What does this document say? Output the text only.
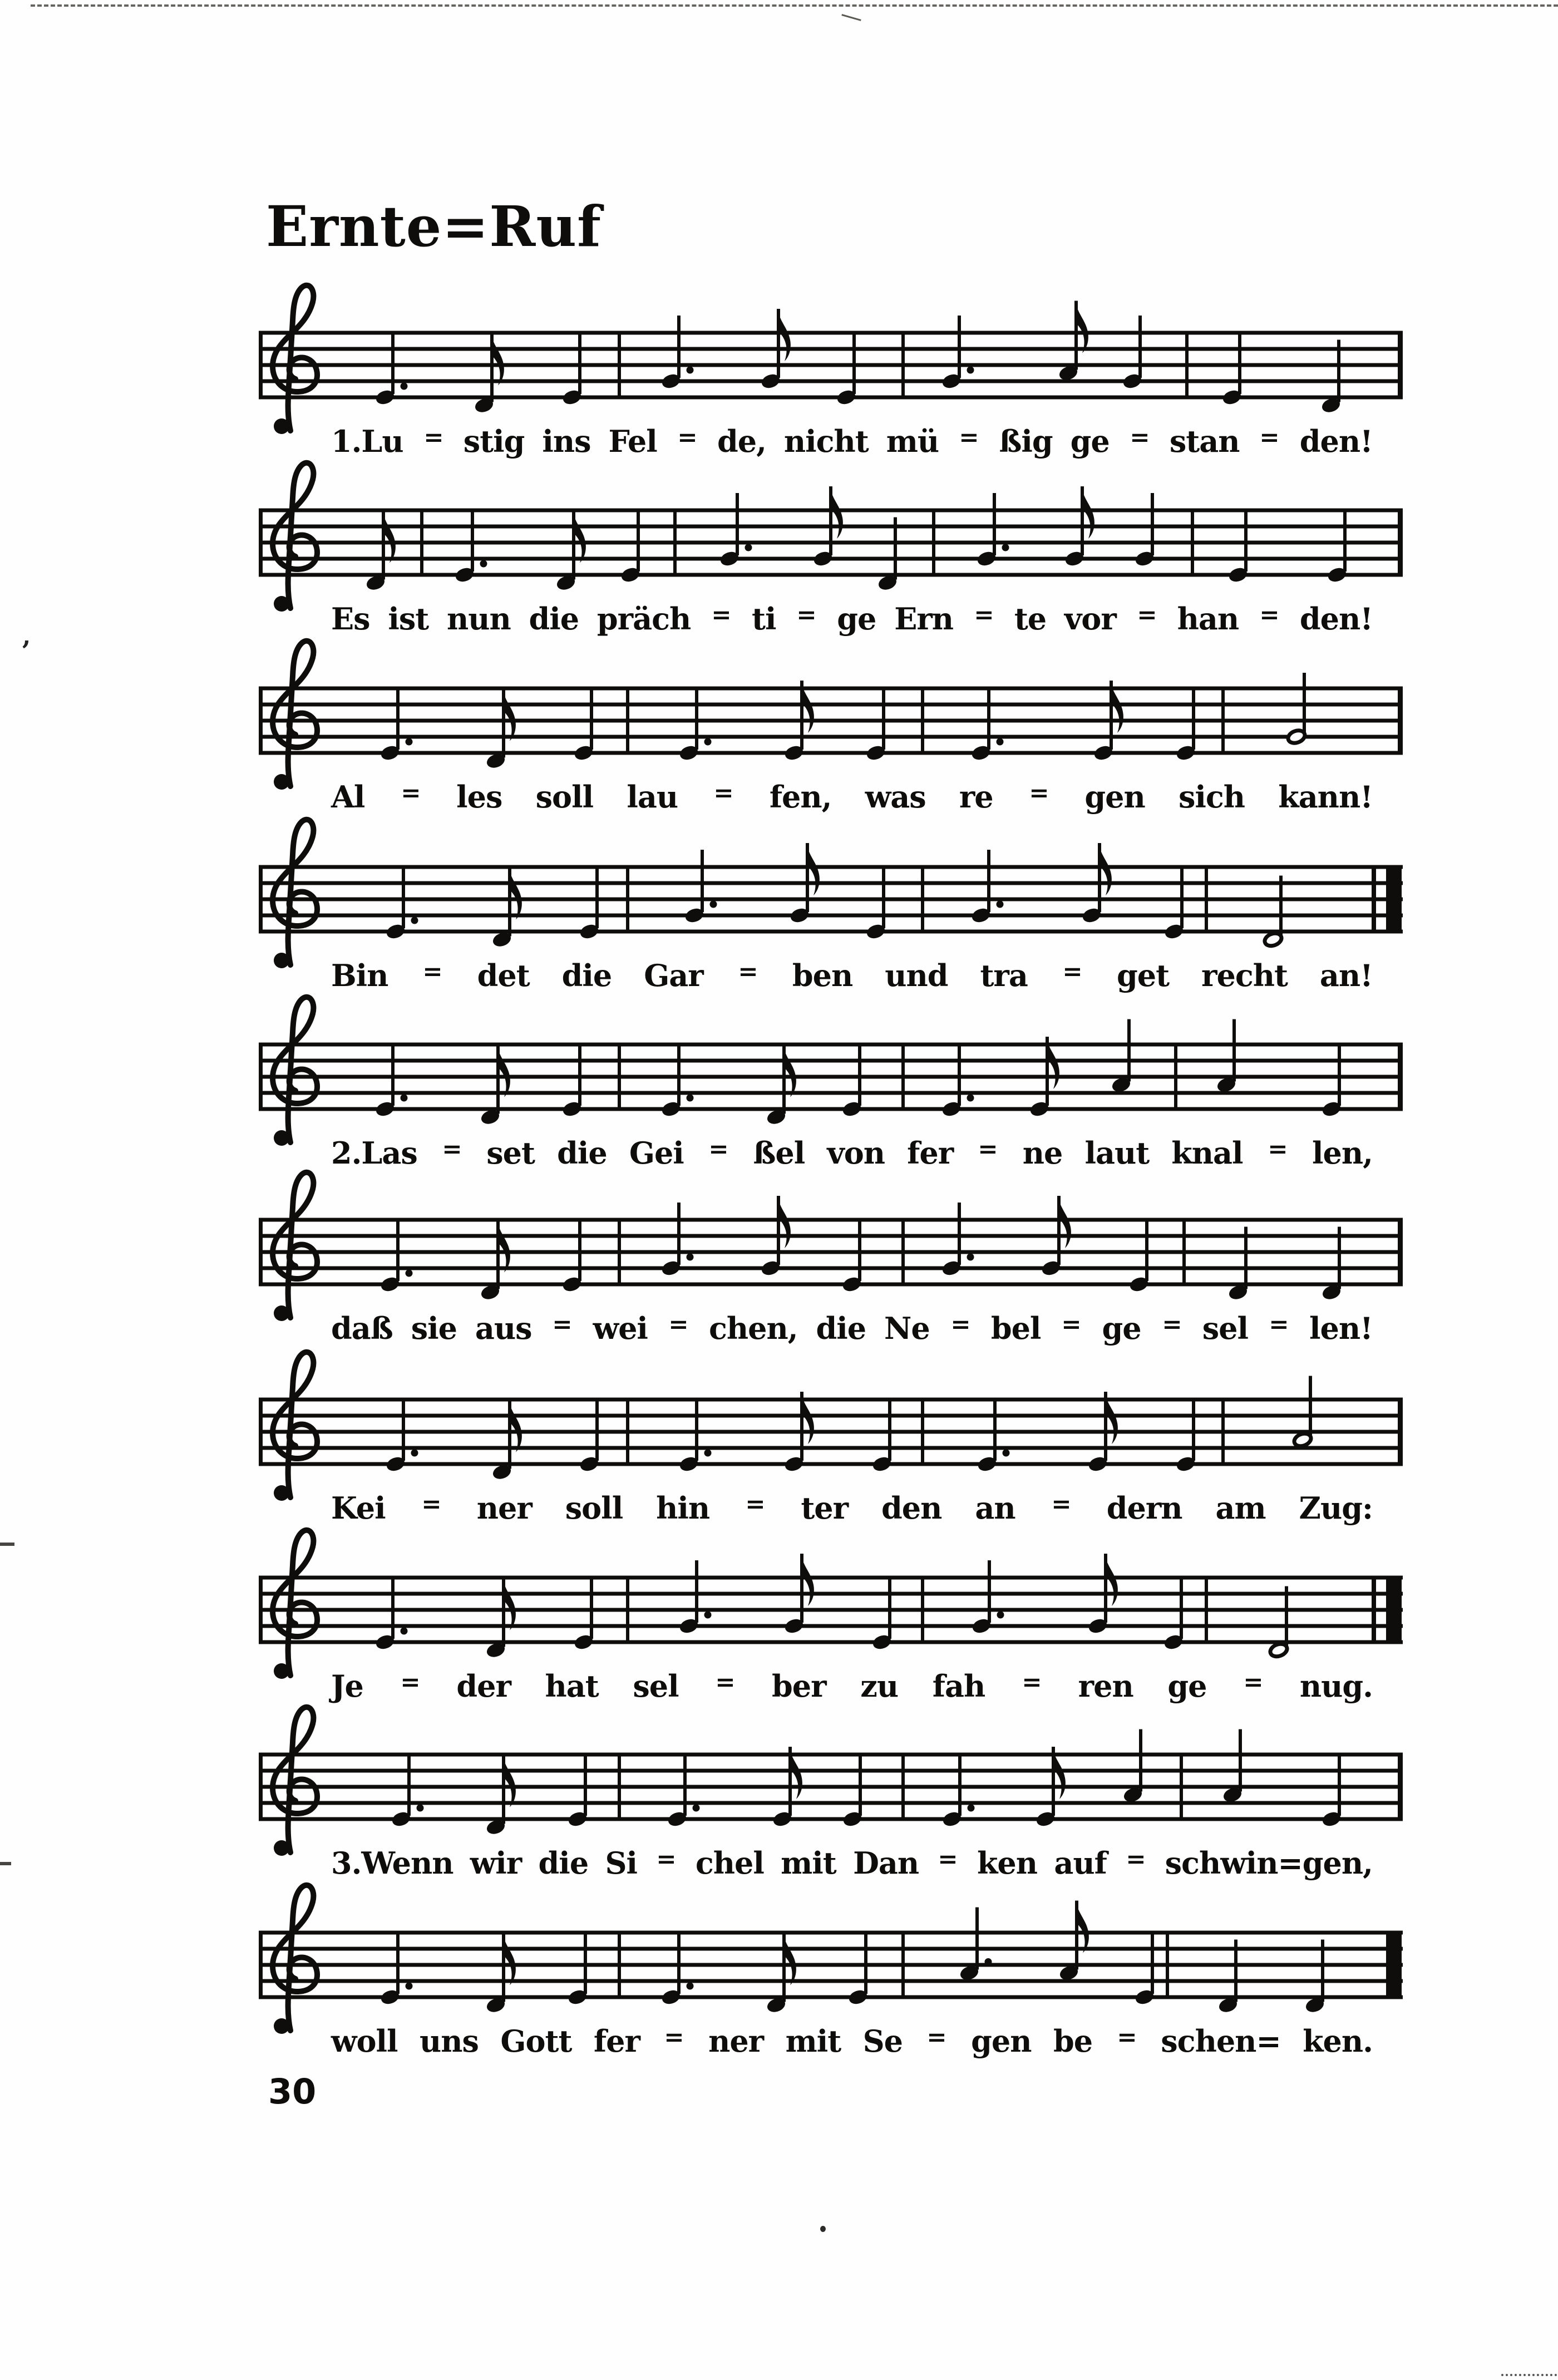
Ernte=Ruf
1.Lu = stig ins Fel = de, nicht mü = ßig ge = stan = den!
Es ist nun die präch = ti = ge Ern = te vor = han = den!
Al = les soll lau = fen, was re = gen sich kann!
Bin = det die Gar = ben und tra = get recht an!
2.Las = set die Gei = ßel von fer = ne laut knal = len,
daß sie aus = wei = chen, die Ne = bel = ge = sel = len!
Kei = ner soll hin = ter den an = dern am Zug:
Je = der hat sel = ber zu fah = ren ge = nug.
3.Wenn wir die Si = chel mit Dan = ken auf = schwin=gen,
woll uns Gott fer = ner mit Se = gen be = schen= ken.
30
,
